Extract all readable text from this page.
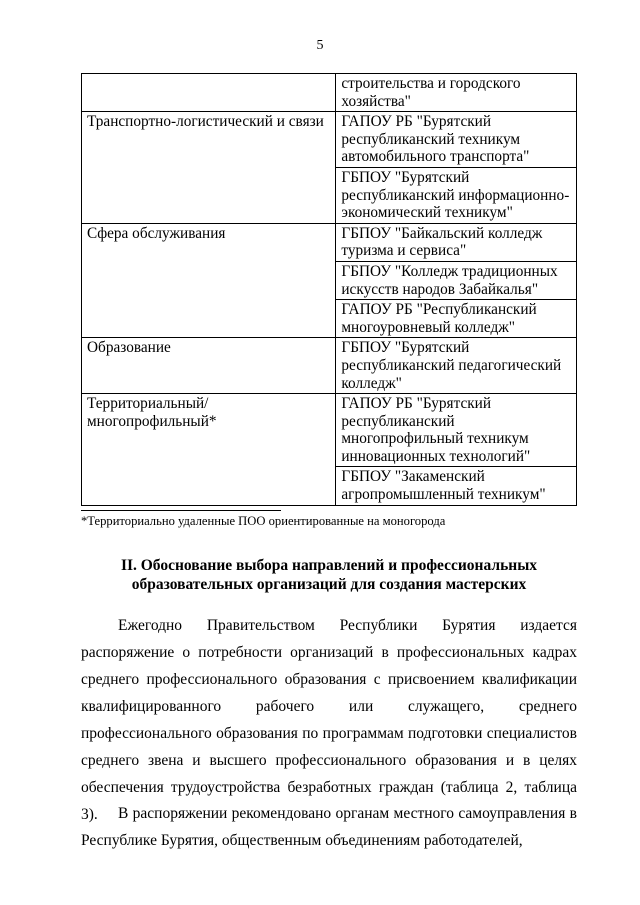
5
	строительства и городского хозяйства"
Транспортно-логистический и связи	ГАПОУ РБ "Бурятский республиканский техникум автомобильного транспорта"
	ГБПОУ "Бурятский республиканский информационно-экономический техникум"
Сфера обслуживания	ГБПОУ "Байкальский колледж туризма и сервиса"
	ГБПОУ "Колледж традиционных искусств народов Забайкалья"
	ГАПОУ РБ "Республиканский многоуровневый колледж"
Образование	ГБПОУ "Бурятский республиканский педагогический колледж"
Территориальный/многопрофильный*	ГАПОУ РБ "Бурятский республиканский многопрофильный техникум инновационных технологий"
	ГБПОУ "Закаменский агропромышленный техникум"
*Территориально удаленные ПОО ориентированные на моногорода
II. Обоснование выбора направлений и профессиональных
образовательных организаций для создания мастерских
Ежегодно Правительством Республики Бурятия издается распоряжение о потребности организаций в профессиональных кадрах среднего профессионального образования с присвоением квалификации квалифицированного рабочего или служащего, среднего профессионального образования по программам подготовки специалистов среднего звена и высшего профессионального образования и в целях обеспечения трудоустройства безработных граждан (таблица 2, таблица 3).	В распоряжении рекомендовано органам местного самоуправления в Республике Бурятия, общественным объединениям работодателей,
